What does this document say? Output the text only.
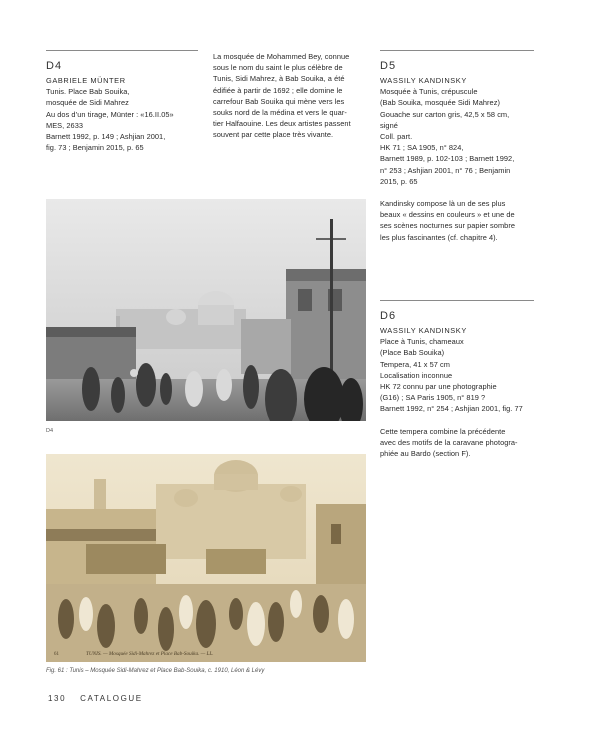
D4
GABRIELE MÜNTER
Tunis. Place Bab Souika,
mosquée de Sidi Mahrez
Au dos d’un tirage, Münter : «16.II.05»
MES, 2633
Barnett 1992, p. 149 ; Ashjian 2001,
fig. 73 ; Benjamin 2015, p. 65
La mosquée de Mohammed Bey, connue
sous le nom du saint le plus célèbre de
Tunis, Sidi Mahrez, à Bab Souika, a été
édifiée à partir de 1692 ; elle domine le
carrefour Bab Souika qui mène vers les
souks nord de la médina et vers le quar-
tier Halfaouine. Les deux artistes passent
souvent par cette place très vivante.
D5
WASSILY KANDINSKY
Mosquée à Tunis, crépuscule
(Bab Souika, mosquée Sidi Mahrez)
Gouache sur carton gris, 42,5 x 58 cm,
signé
Coll. part.
HK 71 ; SA 1905, n° 824,
Barnett 1989, p. 102-103 ; Barnett 1992,
n° 253 ; Ashjian 2001, n° 76 ; Benjamin
2015, p. 65
Kandinsky compose là un de ses plus
beaux « dessins en couleurs » et une de
ses scènes nocturnes sur papier sombre
les plus fascinantes (cf. chapitre 4).
D6
WASSILY KANDINSKY
Place à Tunis, chameaux
(Place Bab Souika)
Tempera, 41 x 57 cm
Localisation inconnue
HK 72 connu par une photographie
(G16) ; SA Paris 1905, n° 819 ?
Barnett 1992, n° 254 ; Ashjian 2001, fig. 77
Cette tempera combine la précédente
avec des motifs de la caravane photogra-
phiée au Bardo (section F).
D4
61	TUNIS. — Mosquée Sidi-Mahrez et Place Bab-Souika. — LL.
Fig. 61 : Tunis – Mosquée Sidi-Mahrez et Place Bab-Souika, c. 1910, Léon & Lévy
130 CATALOGUE
